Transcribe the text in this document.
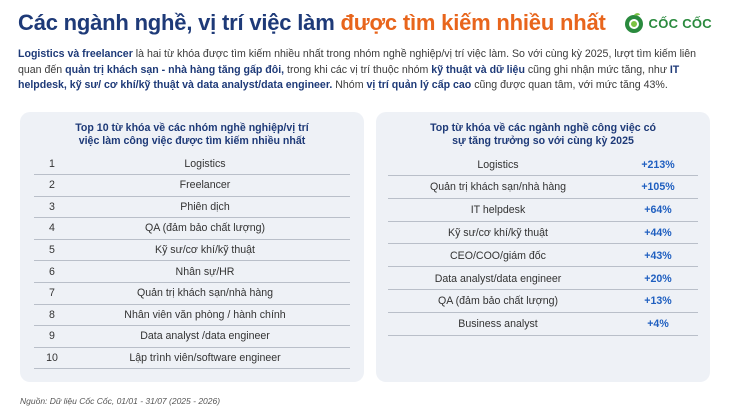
Các ngành nghề, vị trí việc làm được tìm kiếm nhiều nhất	CỐC CỐC

Logistics và freelancer là hai từ khóa được tìm kiếm nhiều nhất trong nhóm nghề nghiệp/vị trí việc làm. So với cùng kỳ 2025, lượt tìm kiếm liên quan đến quản trị khách sạn - nhà hàng tăng gấp đôi, trong khi các vị trí thuộc nhóm kỹ thuật và dữ liệu cũng ghi nhận mức tăng, như IT helpdesk, kỹ sư/ cơ khí/kỹ thuật và data analyst/data engineer. Nhóm vị trí quản lý cấp cao cũng được quan tâm, với mức tăng 43%.

Top 10 từ khóa về các nhóm nghề nghiệp/vị trí
việc làm công việc được tìm kiếm nhiều nhất
1	Logistics
2	Freelancer
3	Phiên dịch
4	QA (đảm bảo chất lượng)
5	Kỹ sư/cơ khí/kỹ thuật
6	Nhân sự/HR
7	Quản trị khách sạn/nhà hàng
8	Nhân viên văn phòng / hành chính
9	Data analyst /data engineer
10	Lập trình viên/software engineer
Top từ khóa về các ngành nghề công việc có
sự tăng trưởng so với cùng kỳ 2025
Logistics	+213%
Quản trị khách sạn/nhà hàng	+105%
IT helpdesk	+64%
Kỹ sư/cơ khí/kỹ thuật	+44%
CEO/COO/giám đốc	+43%
Data analyst/data engineer	+20%
QA (đảm bảo chất lượng)	+13%
Business analyst	+4%
Nguồn: Dữ liệu Cốc Cốc, 01/01 - 31/07 (2025 - 2026)
